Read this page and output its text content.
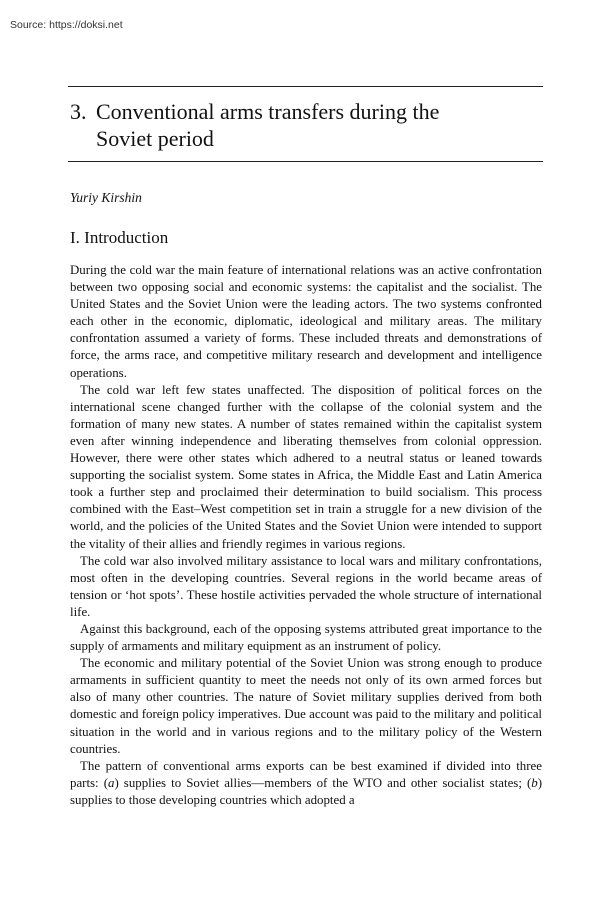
Source: https://doksi.net
3. Conventional arms transfers during the
Soviet period
Yuriy Kirshin
I. Introduction

During the cold war the main feature of international relations was an active confrontation between two opposing social and economic systems: the capitalist and the socialist. The United States and the Soviet Union were the leading actors. The two systems confronted each other in the economic, diplomatic, ideological and military areas. The military confrontation assumed a variety of forms. These included threats and demonstrations of force, the arms race, and competitive military research and development and intelligence operations.

The cold war left few states unaffected. The disposition of political forces on the international scene changed further with the collapse of the colonial system and the formation of many new states. A number of states remained within the capitalist system even after winning independence and liberating themselves from colonial oppression. However, there were other states which adhered to a neutral status or leaned towards supporting the socialist system. Some states in Africa, the Middle East and Latin America took a further step and proclaimed their determination to build socialism. This process combined with the East–West competition set in train a struggle for a new division of the world, and the policies of the United States and the Soviet Union were intended to support the vitality of their allies and friendly regimes in various regions.

The cold war also involved military assistance to local wars and military confrontations, most often in the developing countries. Several regions in the world became areas of tension or ‘hot spots’. These hostile activities pervaded the whole structure of international life.

Against this background, each of the opposing systems attributed great importance to the supply of armaments and military equipment as an instrument of policy.

The economic and military potential of the Soviet Union was strong enough to produce armaments in sufficient quantity to meet the needs not only of its own armed forces but also of many other countries. The nature of Soviet military supplies derived from both domestic and foreign policy imperatives. Due account was paid to the military and political situation in the world and in various regions and to the military policy of the Western countries.

The pattern of conventional arms exports can be best examined if divided into three parts: (a) supplies to Soviet allies—members of the WTO and other socialist states; (b) supplies to those developing countries which adopted a
